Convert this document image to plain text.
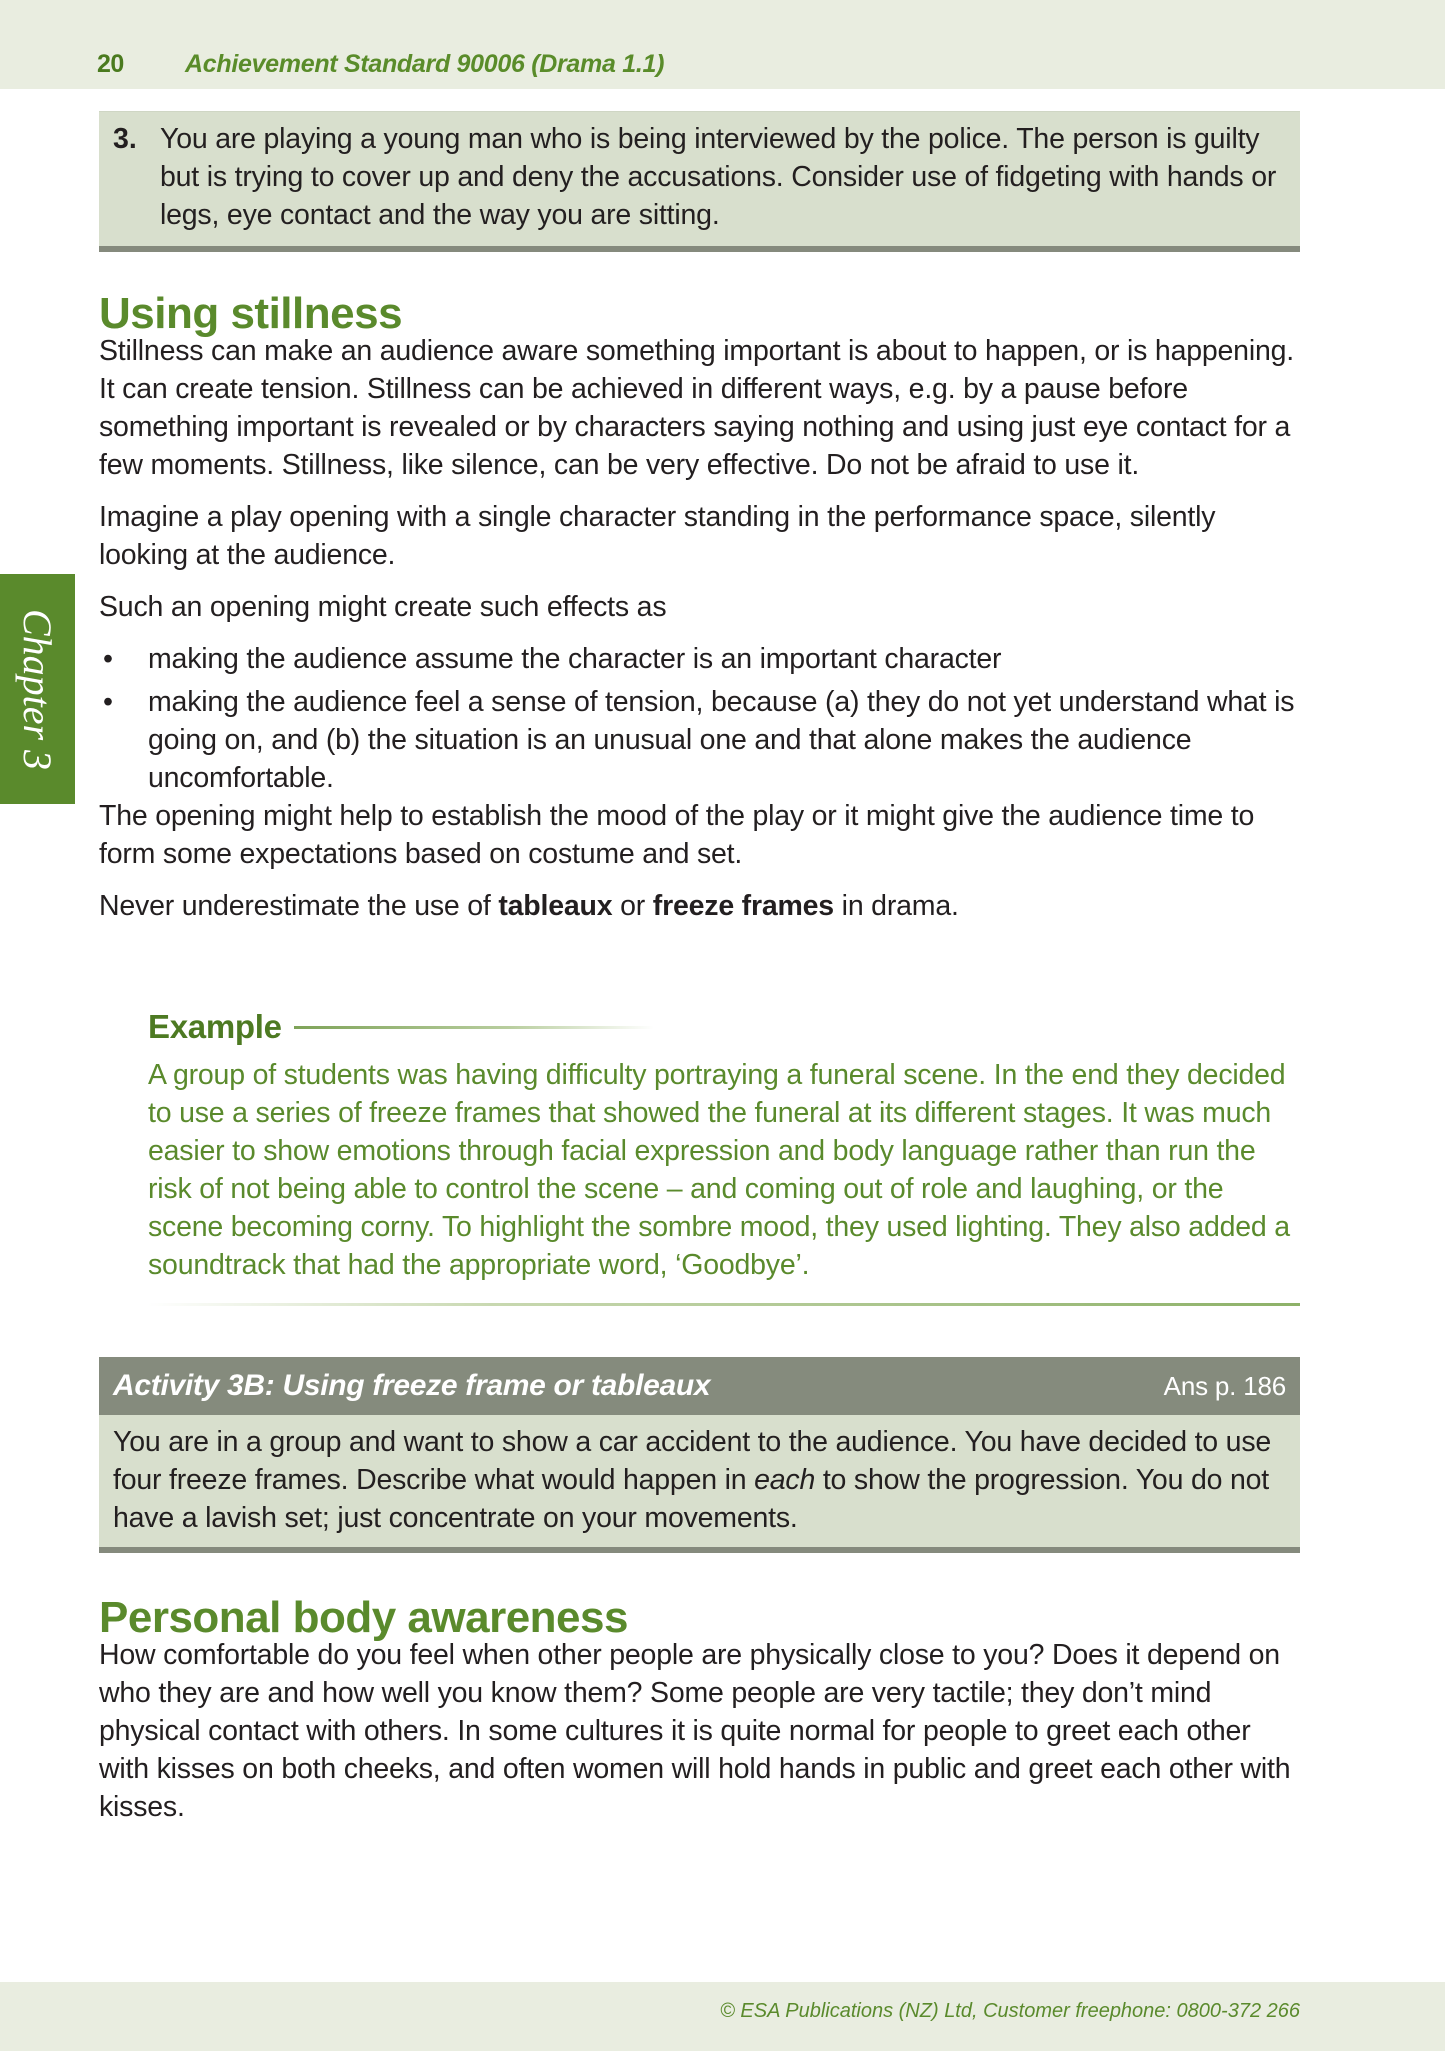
20 Achievement Standard 90006 (Drama 1.1)
Chapter 3
3. You are playing a young man who is being interviewed by the police. The person is guilty but is trying to cover up and deny the accusations. Consider use of fidgeting with hands or legs, eye contact and the way you are sitting.
Using stillness

Stillness can make an audience aware something important is about to happen, or is happening. It can create tension. Stillness can be achieved in different ways, e.g. by a pause before something important is revealed or by characters saying nothing and using just eye contact for a few moments. Stillness, like silence, can be very effective. Do not be afraid to use it.

Imagine a play opening with a single character standing in the performance space, silently looking at the audience.

Such an opening might create such effects as

• making the audience assume the character is an important character
• making the audience feel a sense of tension, because (a) they do not yet understand what is going on, and (b) the situation is an unusual one and that alone makes the audience uncomfortable.

The opening might help to establish the mood of the play or it might give the audience time to form some expectations based on costume and set.

Never underestimate the use of tableaux or freeze frames in drama.

Example

A group of students was having difficulty portraying a funeral scene. In the end they decided to use a series of freeze frames that showed the funeral at its different stages. It was much easier to show emotions through facial expression and body language rather than run the risk of not being able to control the scene – and coming out of role and laughing, or the scene becoming corny. To highlight the sombre mood, they used lighting. They also added a soundtrack that had the appropriate word, ‘Goodbye’.

Activity 3B: Using freeze frame or tableaux	Ans p. 186
You are in a group and want to show a car accident to the audience. You have decided to use four freeze frames. Describe what would happen in each to show the progression. You do not have a lavish set; just concentrate on your movements.
Personal body awareness

How comfortable do you feel when other people are physically close to you? Does it depend on who they are and how well you know them? Some people are very tactile; they don’t mind physical contact with others. In some cultures it is quite normal for people to greet each other with kisses on both cheeks, and often women will hold hands in public and greet each other with kisses.

© ESA Publications (NZ) Ltd, Customer freephone: 0800-372 266
